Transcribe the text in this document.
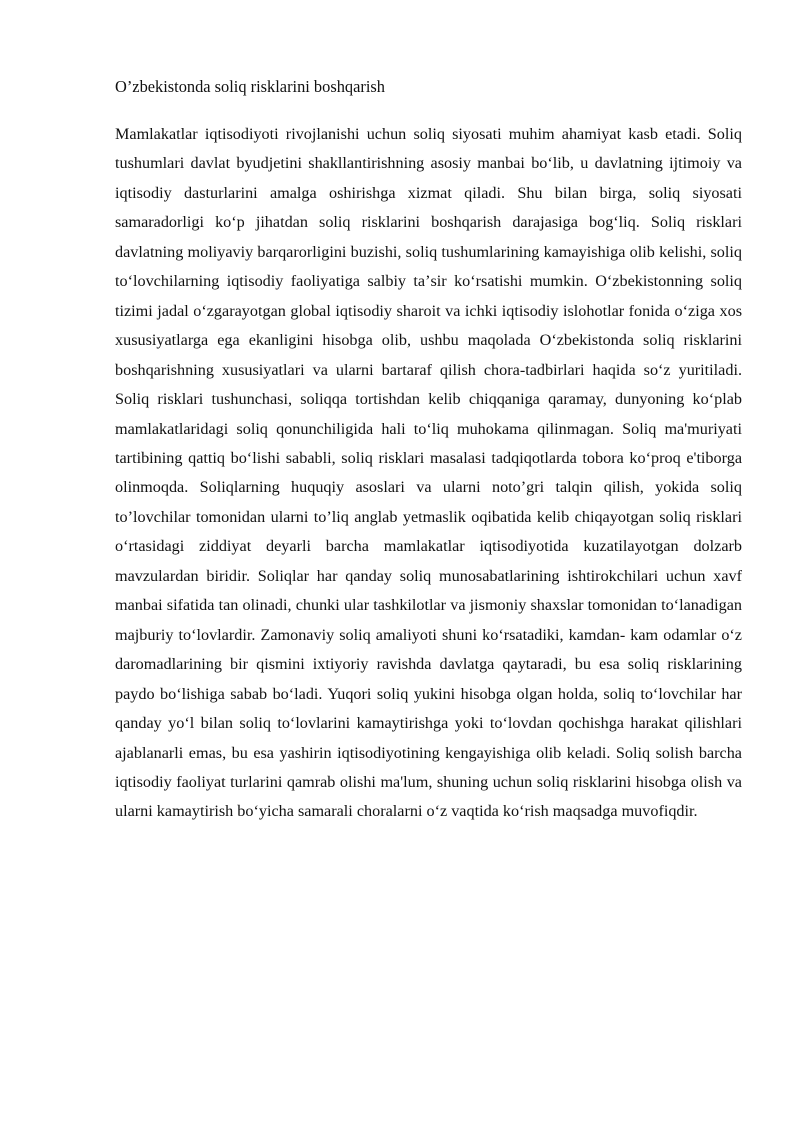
O’zbekistonda soliq risklarini boshqarish

Mamlakatlar iqtisodiyoti rivojlanishi uchun soliq siyosati muhim ahamiyat kasb etadi. Soliq tushumlari davlat byudjetini shakllantirishning asosiy manbai boʻlib, u davlatning ijtimoiy va iqtisodiy dasturlarini amalga oshirishga xizmat qiladi. Shu bilan birga, soliq siyosati samaradorligi koʻp jihatdan soliq risklarini boshqarish darajasiga bogʻliq. Soliq risklari davlatning moliyaviy barqarorligini buzishi, soliq tushumlarining kamayishiga olib kelishi, soliq toʻlovchilarning iqtisodiy faoliyatiga salbiy taʼsir koʻrsatishi mumkin. Oʻzbekistonning soliq tizimi jadal oʻzgarayotgan global iqtisodiy sharoit va ichki iqtisodiy islohotlar fonida oʻziga xos xususiyatlarga ega ekanligini hisobga olib, ushbu maqolada Oʻzbekistonda soliq risklarini boshqarishning xususiyatlari va ularni bartaraf qilish chora-tadbirlari haqida soʻz yuritiladi. Soliq risklari tushunchasi, soliqqa tortishdan kelib chiqqaniga qaramay, dunyoning koʻplab mamlakatlaridagi soliq qonunchiligida hali toʻliq muhokama qilinmagan. Soliq ma'muriyati tartibining qattiq boʻlishi sababli, soliq risklari masalasi tadqiqotlarda tobora koʻproq e'tiborga olinmoqda. Soliqlarning huquqiy asoslari va ularni noto’gri talqin qilish, yokida soliq to’lovchilar tomonidan ularni to’liq anglab yetmaslik oqibatida kelib chiqayotgan soliq risklari oʻrtasidagi ziddiyat deyarli barcha mamlakatlar iqtisodiyotida kuzatilayotgan dolzarb mavzulardan biridir. Soliqlar har qanday soliq munosabatlarining ishtirokchilari uchun xavf manbai sifatida tan olinadi, chunki ular tashkilotlar va jismoniy shaxslar tomonidan toʻlanadigan majburiy toʻlovlardir. Zamonaviy soliq amaliyoti shuni koʻrsatadiki, kamdan- kam odamlar oʻz daromadlarining bir qismini ixtiyoriy ravishda davlatga qaytaradi, bu esa soliq risklarining paydo boʻlishiga sabab boʻladi. Yuqori soliq yukini hisobga olgan holda, soliq toʻlovchilar har qanday yoʻl bilan soliq toʻlovlarini kamaytirishga yoki toʻlovdan qochishga harakat qilishlari ajablanarli emas, bu esa yashirin iqtisodiyotining kengayishiga olib keladi. Soliq solish barcha iqtisodiy faoliyat turlarini qamrab olishi ma'lum, shuning uchun soliq risklarini hisobga olish va ularni kamaytirish boʻyicha samarali choralarni oʻz vaqtida koʻrish maqsadga muvofiqdir.
